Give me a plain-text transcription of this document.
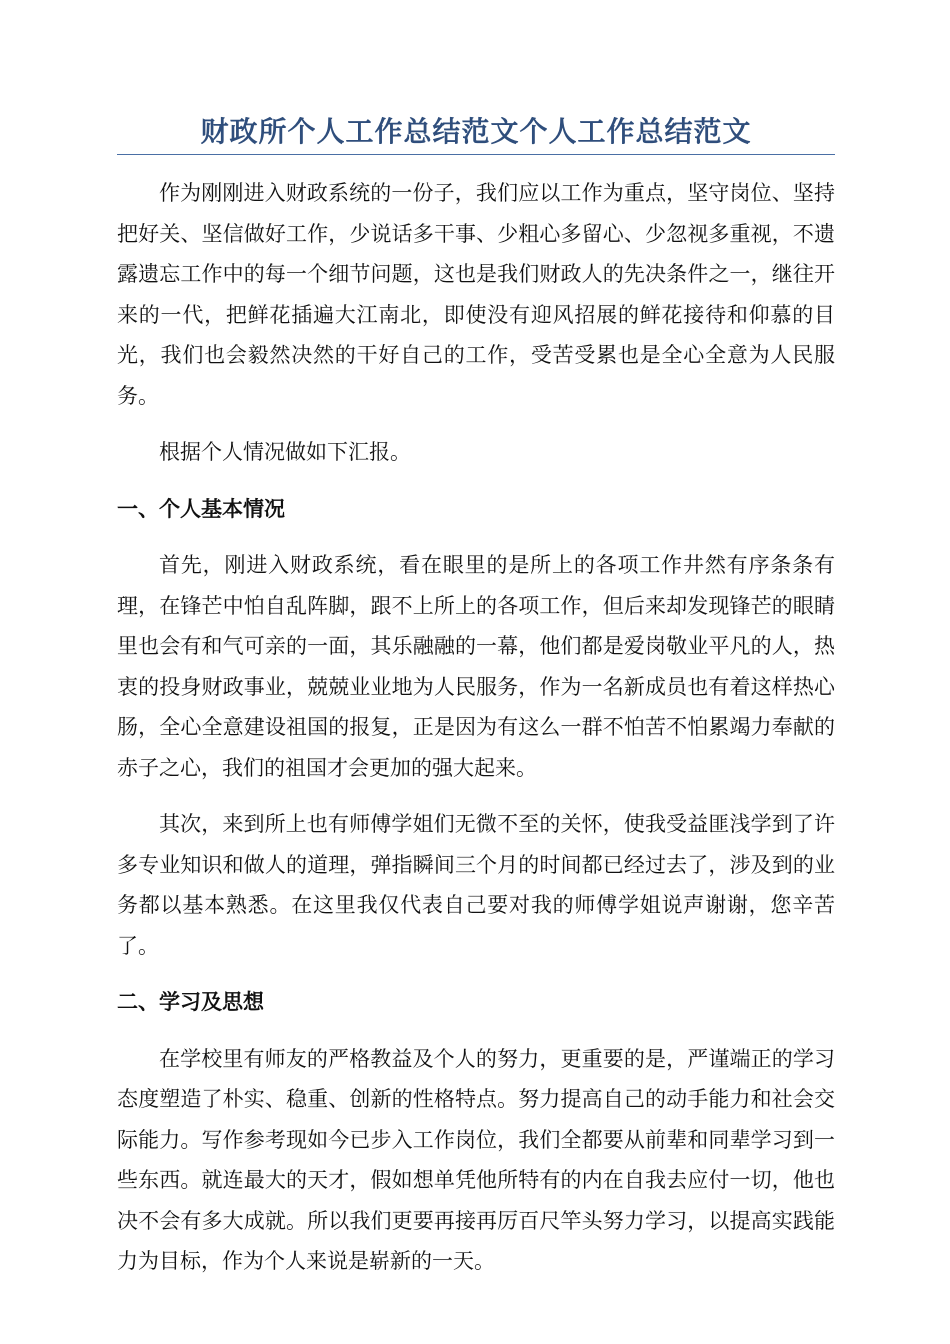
财政所个人工作总结范文个人工作总结范文

作为刚刚进入财政系统的一份子，我们应以工作为重点，坚守岗位、坚持把好关、坚信做好工作，少说话多干事、少粗心多留心、少忽视多重视，不遗露遗忘工作中的每一个细节问题，这也是我们财政人的先决条件之一，继往开来的一代，把鲜花插遍大江南北，即使没有迎风招展的鲜花接待和仰慕的目光，我们也会毅然决然的干好自己的工作，受苦受累也是全心全意为人民服务。

根据个人情况做如下汇报。

一、个人基本情况

首先，刚进入财政系统，看在眼里的是所上的各项工作井然有序条条有理，在锋芒中怕自乱阵脚，跟不上所上的各项工作，但后来却发现锋芒的眼睛里也会有和气可亲的一面，其乐融融的一幕，他们都是爱岗敬业平凡的人，热衷的投身财政事业，兢兢业业地为人民服务，作为一名新成员也有着这样热心肠，全心全意建设祖国的报复，正是因为有这么一群不怕苦不怕累竭力奉献的赤子之心，我们的祖国才会更加的强大起来。

其次，来到所上也有师傅学姐们无微不至的关怀，使我受益匪浅学到了许多专业知识和做人的道理，弹指瞬间三个月的时间都已经过去了，涉及到的业务都以基本熟悉。在这里我仅代表自己要对我的师傅学姐说声谢谢，您辛苦了。

二、学习及思想

在学校里有师友的严格教益及个人的努力，更重要的是，严谨端正的学习态度塑造了朴实、稳重、创新的性格特点。努力提高自己的动手能力和社会交际能力。写作参考现如今已步入工作岗位，我们全都要从前辈和同辈学习到一些东西。就连最大的天才，假如想单凭他所特有的内在自我去应付一切，他也决不会有多大成就。所以我们更要再接再厉百尺竿头努力学习，以提高实践能力为目标，作为个人来说是崭新的一天。
